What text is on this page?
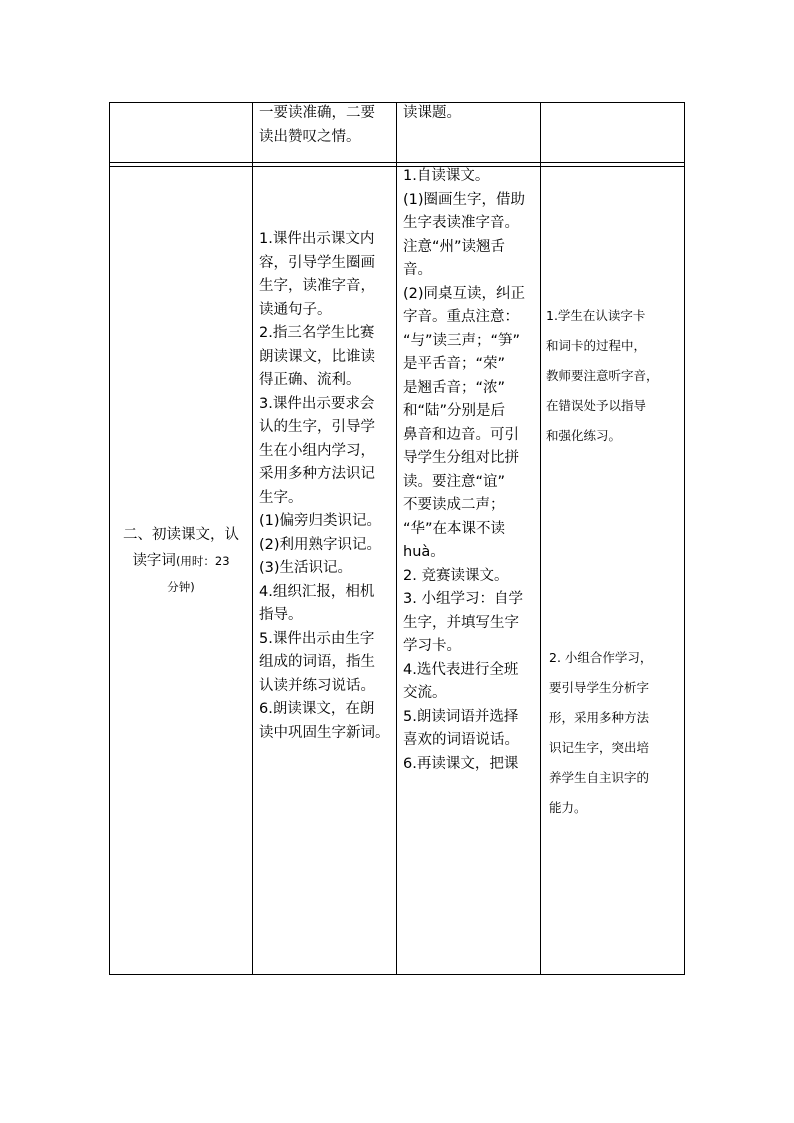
一要读准确，二要
读出赞叹之情。
读课题。
二、初读课文，认
读字词(用时：23
分钟)
1.课件出示课文内
容，引导学生圈画
生字，读准字音，
读通句子。
2.指三名学生比赛
朗读课文，比谁读
得正确、流利。
3.课件出示要求会
认的生字，引导学
生在小组内学习，
采用多种方法识记
生字。
(1)偏旁归类识记。
(2)利用熟字识记。
(3)生活识记。
4.组织汇报，相机
指导。
5.课件出示由生字
组成的词语，指生
认读并练习说话。
6.朗读课文，在朗
读中巩固生字新词。
1.自读课文。
(1)圈画生字，借助
生字表读准字音。
注意“州”读翘舌
音。
(2)同桌互读，纠正
字音。重点注意：
“与”读三声；“笋”
是平舌音；“荣”
是翘舌音；“浓”
和“陆”分别是后
鼻音和边音。可引
导学生分组对比拼
读。要注意“谊”
不要读成二声；
“华”在本课不读
huà。
2. 竞赛读课文。
3. 小组学习：自学
生字，并填写生字
学习卡。
4.选代表进行全班
交流。
5.朗读词语并选择
喜欢的词语说话。
6.再读课文，把课
1.学生在认读字卡
和词卡的过程中，
教师要注意听字音，
在错误处予以指导
和强化练习。
2. 小组合作学习，
要引导学生分析字
形，采用多种方法
识记生字，突出培
养学生自主识字的
能力。
